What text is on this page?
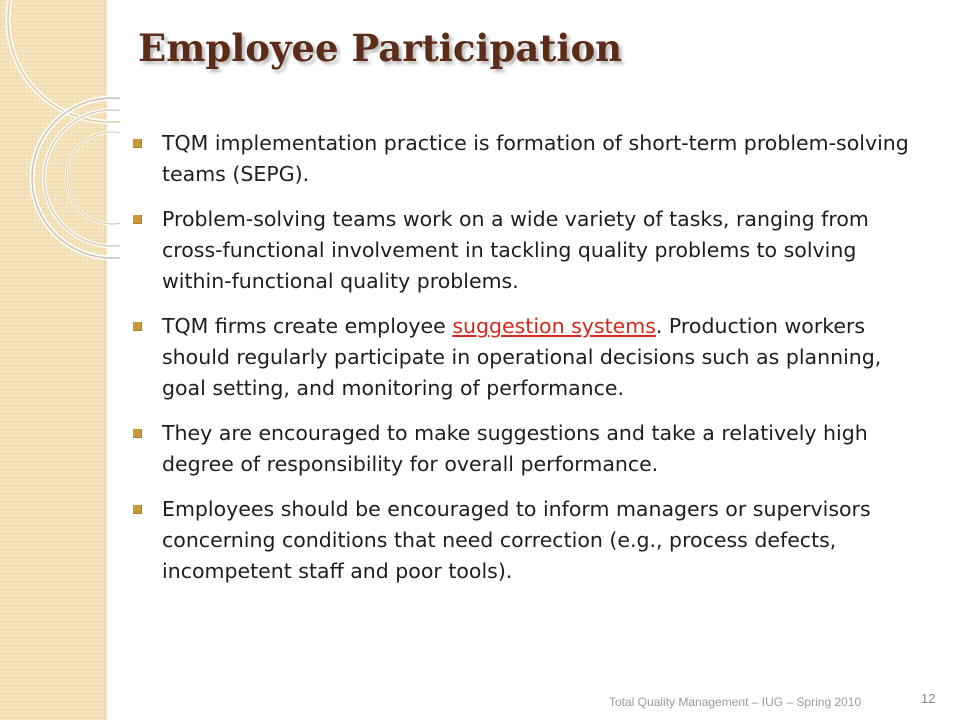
Employee Participation
TQM implementation practice is formation of short-term problem-solving teams (SEPG).
Problem-solving teams work on a wide variety of tasks, ranging from cross-functional involvement in tackling quality problems to solving within-functional quality problems.
TQM firms create employee suggestion systems. Production workers should regularly participate in operational decisions such as planning, goal setting, and monitoring of performance.
They are encouraged to make suggestions and take a relatively high degree of responsibility for overall performance.
Employees should be encouraged to inform managers or supervisors concerning conditions that need correction (e.g., process defects, incompetent staff and poor tools).
Total Quality Management – IUG – Spring 2010	12
